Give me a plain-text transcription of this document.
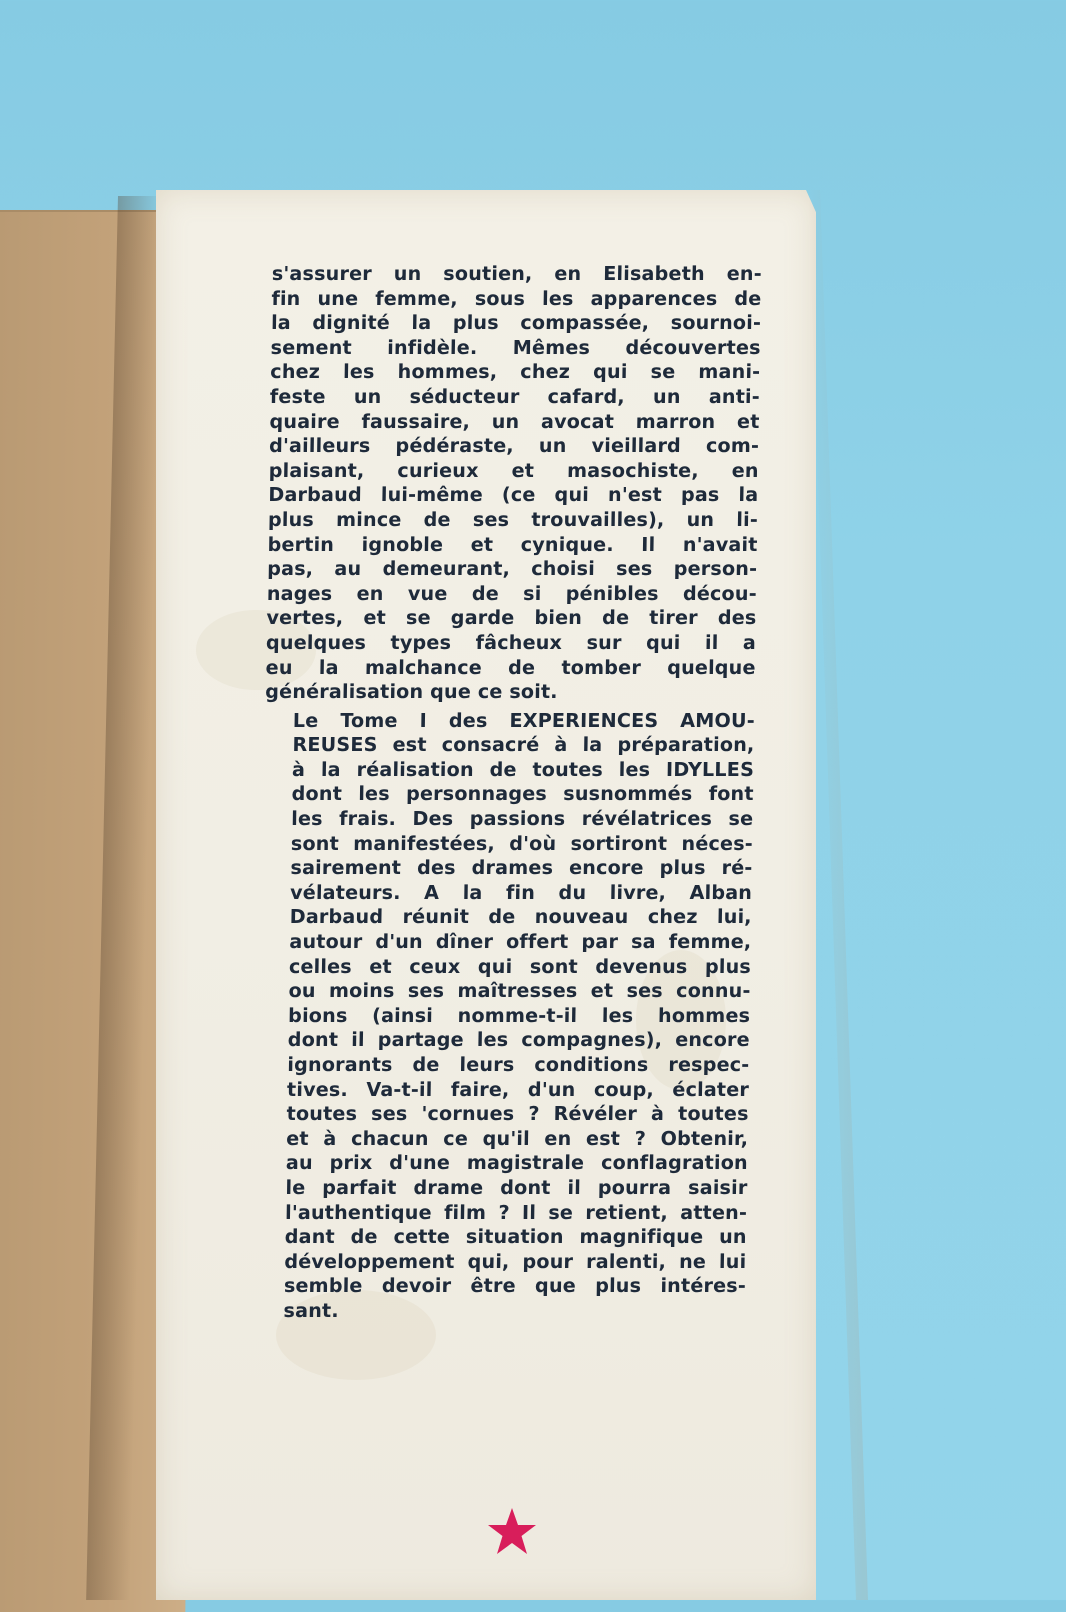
s'assurer un soutien, en Elisabeth en-
fin une femme, sous les apparences de
la dignité la plus compassée, sournoi-
sement infidèle. Mêmes découvertes
chez les hommes, chez qui se mani-
feste un séducteur cafard, un anti-
quaire faussaire, un avocat marron et
d'ailleurs pédéraste, un vieillard com-
plaisant, curieux et masochiste, en
Darbaud lui-même (ce qui n'est pas la
plus mince de ses trouvailles), un li-
bertin ignoble et cynique. Il n'avait
pas, au demeurant, choisi ses person-
nages en vue de si pénibles décou-
vertes, et se garde bien de tirer des
quelques types fâcheux sur qui il a
eu la malchance de tomber quelque
généralisation que ce soit.

Le Tome I des EXPERIENCES AMOU-
REUSES est consacré à la préparation,
à la réalisation de toutes les IDYLLES
dont les personnages susnommés font
les frais. Des passions révélatrices se
sont manifestées, d'où sortiront néces-
sairement des drames encore plus ré-
vélateurs. A la fin du livre, Alban
Darbaud réunit de nouveau chez lui,
autour d'un dîner offert par sa femme,
celles et ceux qui sont devenus plus
ou moins ses maîtresses et ses connu-
bions (ainsi nomme-t-il les hommes
dont il partage les compagnes), encore
ignorants de leurs conditions respec-
tives. Va-t-il faire, d'un coup, éclater
toutes ses 'cornues ? Révéler à toutes
et à chacun ce qu'il en est ? Obtenir,
au prix d'une magistrale conflagration
le parfait drame dont il pourra saisir
l'authentique film ? Il se retient, atten-
dant de cette situation magnifique un
développement qui, pour ralenti, ne lui
semble devoir être que plus intéres-
sant.
